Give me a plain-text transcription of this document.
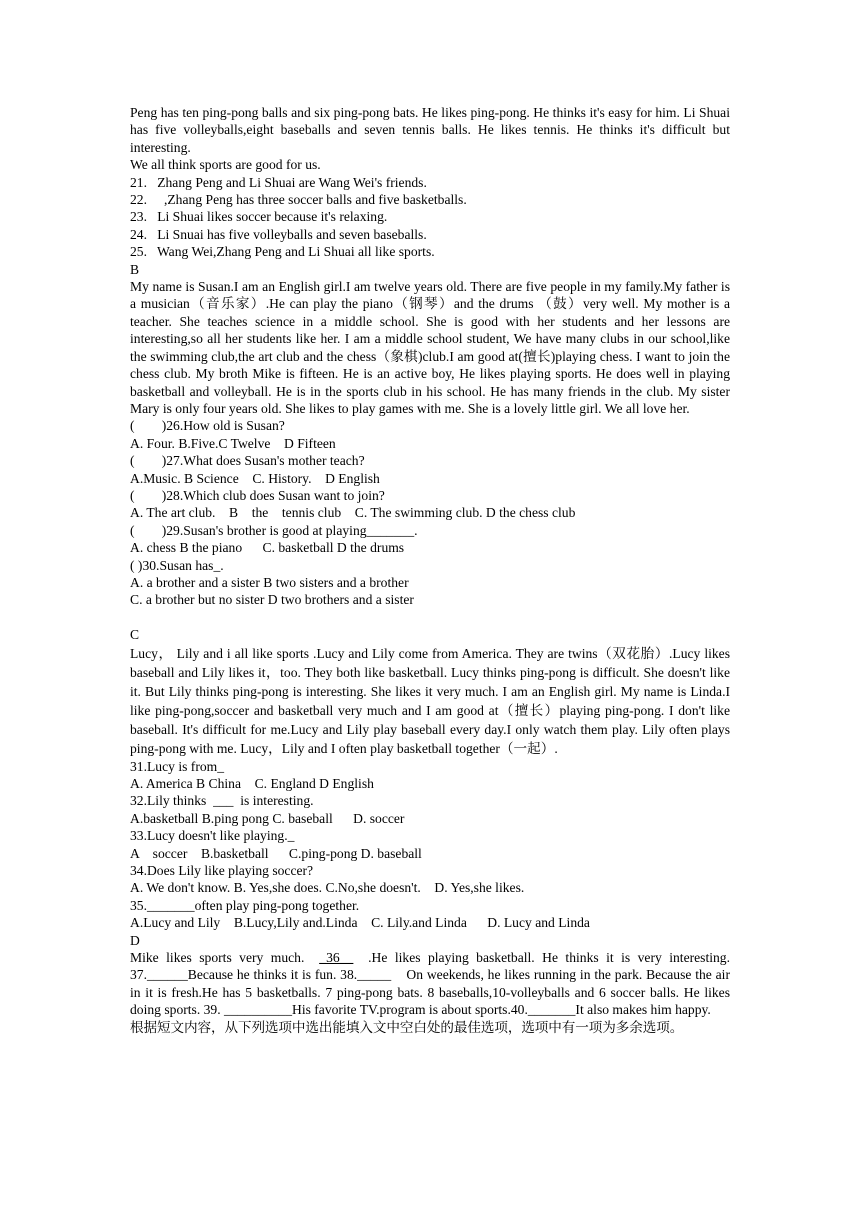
Peng has ten ping-pong balls and six ping-pong bats. He likes ping-pong. He thinks it's easy for him. Li Shuai has five volleyballs,eight baseballs and seven tennis balls. He likes tennis. He thinks it's difficult but interesting.

We all think sports are good for us.

21.   Zhang Peng and Li Shuai are Wang Wei's friends.

22.     ,Zhang Peng has three soccer balls and five basketballs.

23.   Li Shuai likes soccer because it's relaxing.

24.   Li Snuai has five volleyballs and seven baseballs.

25.   Wang Wei,Zhang Peng and Li Shuai all like sports.

B

My name is Susan.I am an English girl.I am twelve years old. There are five people in my family.My father is a musician（音乐家）.He can play the piano（钢琴）and the drums （鼓）very well. My mother is a teacher. She teaches science in a middle school. She is good with her students and her lessons are interesting,so all her students like her. I am a middle school student, We have many clubs in our school,like the swimming club,the art club and the chess（象棋)club.I am good at(擅长)playing chess. I want to join the chess club. My broth Mike is fifteen. He is an active boy, He likes playing sports. He does well in playing basketball and volleyball. He is in the sports club in his school. He has many friends in the club. My sister Mary is only four years old. She likes to play games with me. She is a lovely little girl. We all love her.

(        )26.How old is Susan?

A. Four. B.Five.C Twelve    D Fifteen

(        )27.What does Susan's mother teach?

A.Music. B Science    C. History.    D English

(        )28.Which club does Susan want to join?

A. The art club.    B    the    tennis club    C. The swimming club. D the chess club

(        )29.Susan's brother is good at playing_______.

A. chess B the piano      C. basketball D the drums

( )30.Susan has_.

A. a brother and a sister B two sisters and a brother

C. a brother but no sister D two brothers and a sister

C

Lucy， Lily and i all like sports .Lucy and Lily come from America. They are twins（双花胎）.Lucy likes baseball and Lily likes it，too. They both like basketball. Lucy thinks ping-pong is difficult. She doesn't like it. But Lily thinks ping-pong is interesting. She likes it very much. I am an English girl. My name is Linda.I like ping-pong,soccer and basketball very much and I am good at（擅长）playing ping-pong. I don't like baseball. It's difficult for me.Lucy and Lily play baseball every day.I only watch them play. Lily often plays ping-pong with me. Lucy，Lily and I often play basketball together（一起）.

31.Lucy is from_

A. America B China    C. England D English

32.Lily thinks  ___  is interesting.

A.basketball B.ping pong C. baseball      D. soccer

33.Lucy doesn't like playing._

A    soccer    B.basketball      C.ping-pong D. baseball

34.Does Lily like playing soccer?

A. We don't know. B. Yes,she does. C.No,she doesn't.    D. Yes,she likes.

35._______often play ping-pong together.

A.Lucy and Lily    B.Lucy,Lily and.Linda    C. Lily.and Linda      D. Lucy and Linda

D

Mike likes sports very much.  _36__  .He likes playing basketball. He thinks it is very interesting. 37.______Because he thinks it is fun. 38._____    On weekends, he likes running in the park. Because the air in it is fresh.He has 5 basketballs. 7 ping-pong bats. 8 baseballs,10-volleyballs and 6 soccer balls. He likes doing sports. 39. __________His favorite TV.program is about sports.40._______It also makes him happy.

根据短文内容，从下列选项中选出能填入文中空白处的最佳选项，选项中有一项为多余选项。
